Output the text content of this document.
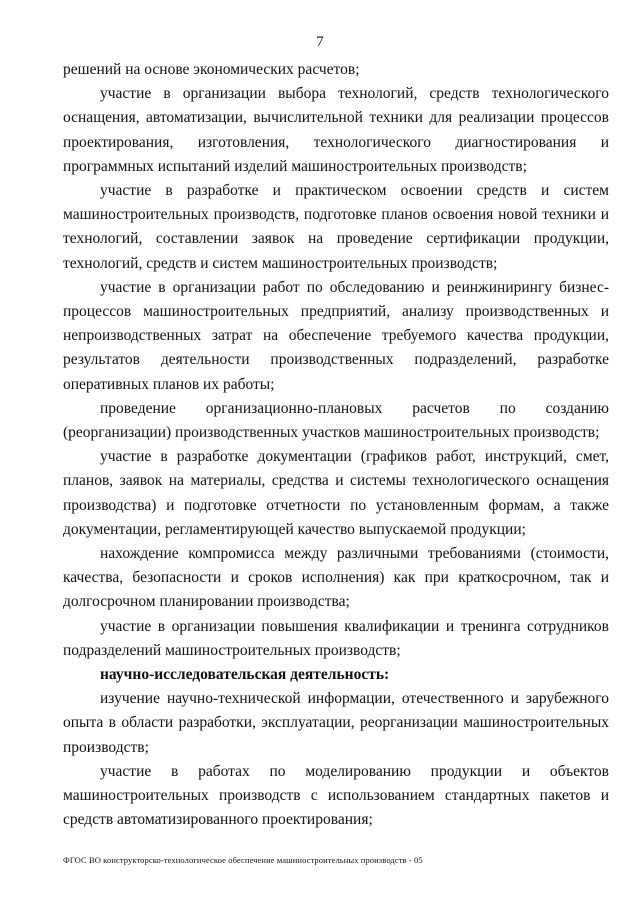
7

решений на основе экономических расчетов;

участие в организации выбора технологий, средств технологического оснащения, автоматизации, вычислительной техники для реализации процессов проектирования, изготовления, технологического диагностирования и программных испытаний изделий машиностроительных производств;

участие в разработке и практическом освоении средств и систем машиностроительных производств, подготовке планов освоения новой техники и технологий, составлении заявок на проведение сертификации продукции, технологий, средств и систем машиностроительных производств;

участие в организации работ по обследованию и реинжинирингу бизнес-процессов машиностроительных предприятий, анализу производственных и непроизводственных затрат на обеспечение требуемого качества продукции, результатов деятельности производственных подразделений, разработке оперативных планов их работы;

проведение организационно-плановых расчетов по созданию (реорганизации) производственных участков машиностроительных производств;

участие в разработке документации (графиков работ, инструкций, смет, планов, заявок на материалы, средства и системы технологического оснащения производства) и подготовке отчетности по установленным формам, а также документации, регламентирующей качество выпускаемой продукции;

нахождение компромисса между различными требованиями (стоимости, качества, безопасности и сроков исполнения) как при краткосрочном, так и долгосрочном планировании производства;

участие в организации повышения квалификации и тренинга сотрудников подразделений машиностроительных производств;

научно-исследовательская деятельность:

изучение научно-технической информации, отечественного и зарубежного опыта в области разработки, эксплуатации, реорганизации машиностроительных производств;

участие в работах по моделированию продукции и объектов машиностроительных производств с использованием стандартных пакетов и средств автоматизированного проектирования;

ФГОС ВО конструкторско-технологическое обеспечение машиностроительных производств - 05
